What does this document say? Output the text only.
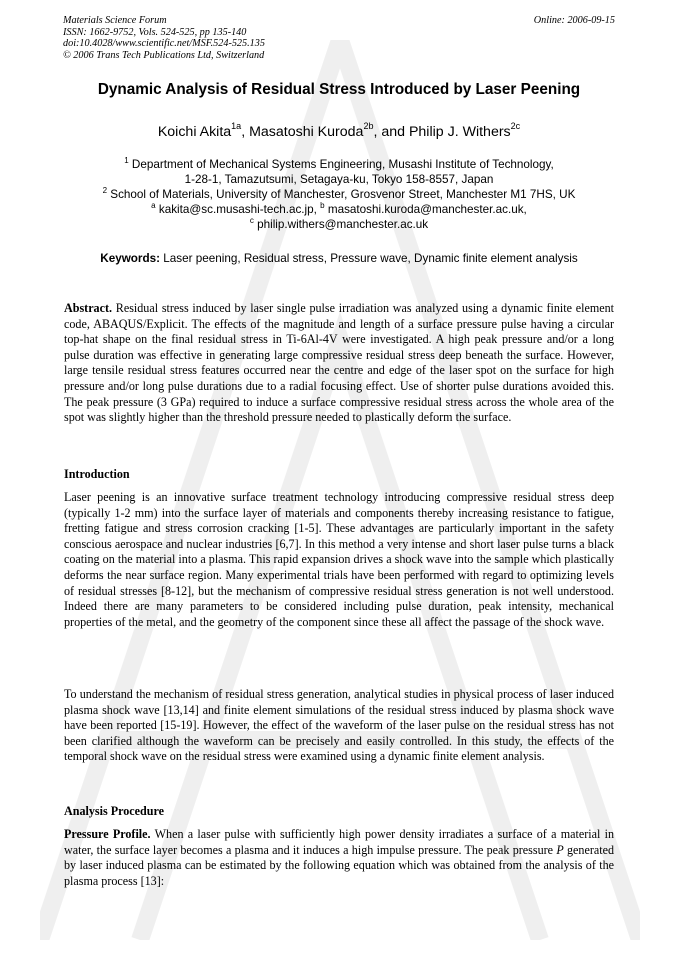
Materials Science Forum
ISSN: 1662-9752, Vols. 524-525, pp 135-140
doi:10.4028/www.scientific.net/MSF.524-525.135
© 2006 Trans Tech Publications Ltd, Switzerland
Online: 2006-09-15
Dynamic Analysis of Residual Stress Introduced by Laser Peening
Koichi Akita$^{1a}$, Masatoshi Kuroda$^{2b}$, and Philip J. Withers$^{2c}$
$^1$ Department of Mechanical Systems Engineering, Musashi Institute of Technology,
1-28-1, Tamazutsumi, Setagaya-ku, Tokyo 158-8557, Japan
$^2$ School of Materials, University of Manchester, Grosvenor Street, Manchester M1 7HS, UK
$^a$ kakita@sc.musashi-tech.ac.jp, $^b$ masatoshi.kuroda@manchester.ac.uk,
$^c$ philip.withers@manchester.ac.uk
Keywords: Laser peening, Residual stress, Pressure wave, Dynamic finite element analysis
Abstract. Residual stress induced by laser single pulse irradiation was analyzed using a dynamic finite element code, ABAQUS/Explicit. The effects of the magnitude and length of a surface pressure pulse having a circular top-hat shape on the final residual stress in Ti-6Al-4V were investigated. A high peak pressure and/or a long pulse duration was effective in generating large compressive residual stress deep beneath the surface. However, large tensile residual stress features occurred near the centre and edge of the laser spot on the surface for high pressure and/or long pulse durations due to a radial focusing effect. Use of shorter pulse durations avoided this. The peak pressure (3 GPa) required to induce a surface compressive residual stress across the whole area of the spot was slightly higher than the threshold pressure needed to plastically deform the surface.
Introduction
Laser peening is an innovative surface treatment technology introducing compressive residual stress deep (typically 1-2 mm) into the surface layer of materials and components thereby increasing resistance to fatigue, fretting fatigue and stress corrosion cracking [1-5]. These advantages are particularly important in the safety conscious aerospace and nuclear industries [6,7]. In this method a very intense and short laser pulse turns a black coating on the material into a plasma. This rapid expansion drives a shock wave into the sample which plastically deforms the near surface region. Many experimental trials have been performed with regard to optimizing levels of residual stresses [8-12], but the mechanism of compressive residual stress generation is not well understood. Indeed there are many parameters to be considered including pulse duration, peak intensity, mechanical properties of the metal, and the geometry of the component since these all affect the passage of the shock wave.
To understand the mechanism of residual stress generation, analytical studies in physical process of laser induced plasma shock wave [13,14] and finite element simulations of the residual stress induced by plasma shock wave have been reported [15-19]. However, the effect of the waveform of the laser pulse on the residual stress has not been clarified although the waveform can be precisely and easily controlled. In this study, the effects of the temporal shock wave on the residual stress were examined using a dynamic finite element analysis.
Analysis Procedure
Pressure Profile. When a laser pulse with sufficiently high power density irradiates a surface of a material in water, the surface layer becomes a plasma and it induces a high impulse pressure. The peak pressure P generated by laser induced plasma can be estimated by the following equation which was obtained from the analysis of the plasma process [13]:
